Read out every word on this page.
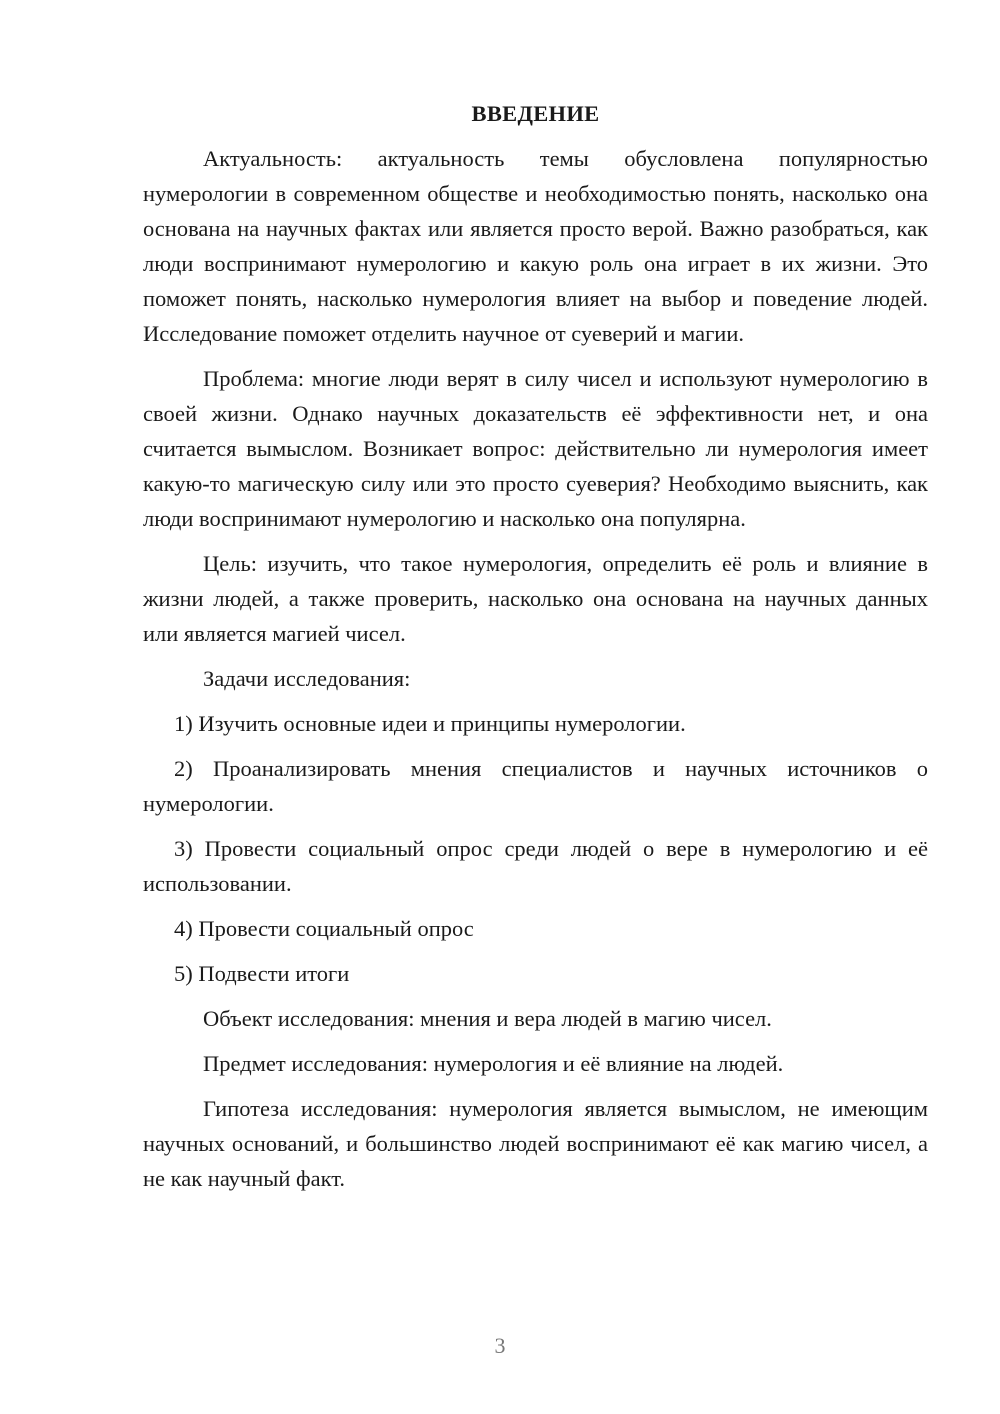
ВВЕДЕНИЕ
Актуальность: актуальность темы обусловлена популярностью нумерологии в современном обществе и необходимостью понять, насколько она основана на научных фактах или является просто верой. Важно разобраться, как люди воспринимают нумерологию и какую роль она играет в их жизни. Это поможет понять, насколько нумерология влияет на выбор и поведение людей. Исследование поможет отделить научное от суеверий и магии.
Проблема: многие люди верят в силу чисел и используют нумерологию в своей жизни. Однако научных доказательств её эффективности нет, и она считается вымыслом. Возникает вопрос: действительно ли нумерология имеет какую-то магическую силу или это просто суеверия? Необходимо выяснить, как люди воспринимают нумерологию и насколько она популярна.
Цель: изучить, что такое нумерология, определить её роль и влияние в жизни людей, а также проверить, насколько она основана на научных данных или является магией чисел.
Задачи исследования:
1) Изучить основные идеи и принципы нумерологии.
2) Проанализировать мнения специалистов и научных источников о нумерологии.
3) Провести социальный опрос среди людей о вере в нумерологию и её использовании.
4) Провести социальный опрос
5) Подвести итоги
Объект исследования: мнения и вера людей в магию чисел.
Предмет исследования: нумерология и её влияние на людей.
Гипотеза исследования: нумерология является вымыслом, не имеющим научных оснований, и большинство людей воспринимают её как магию чисел, а не как научный факт.
3
